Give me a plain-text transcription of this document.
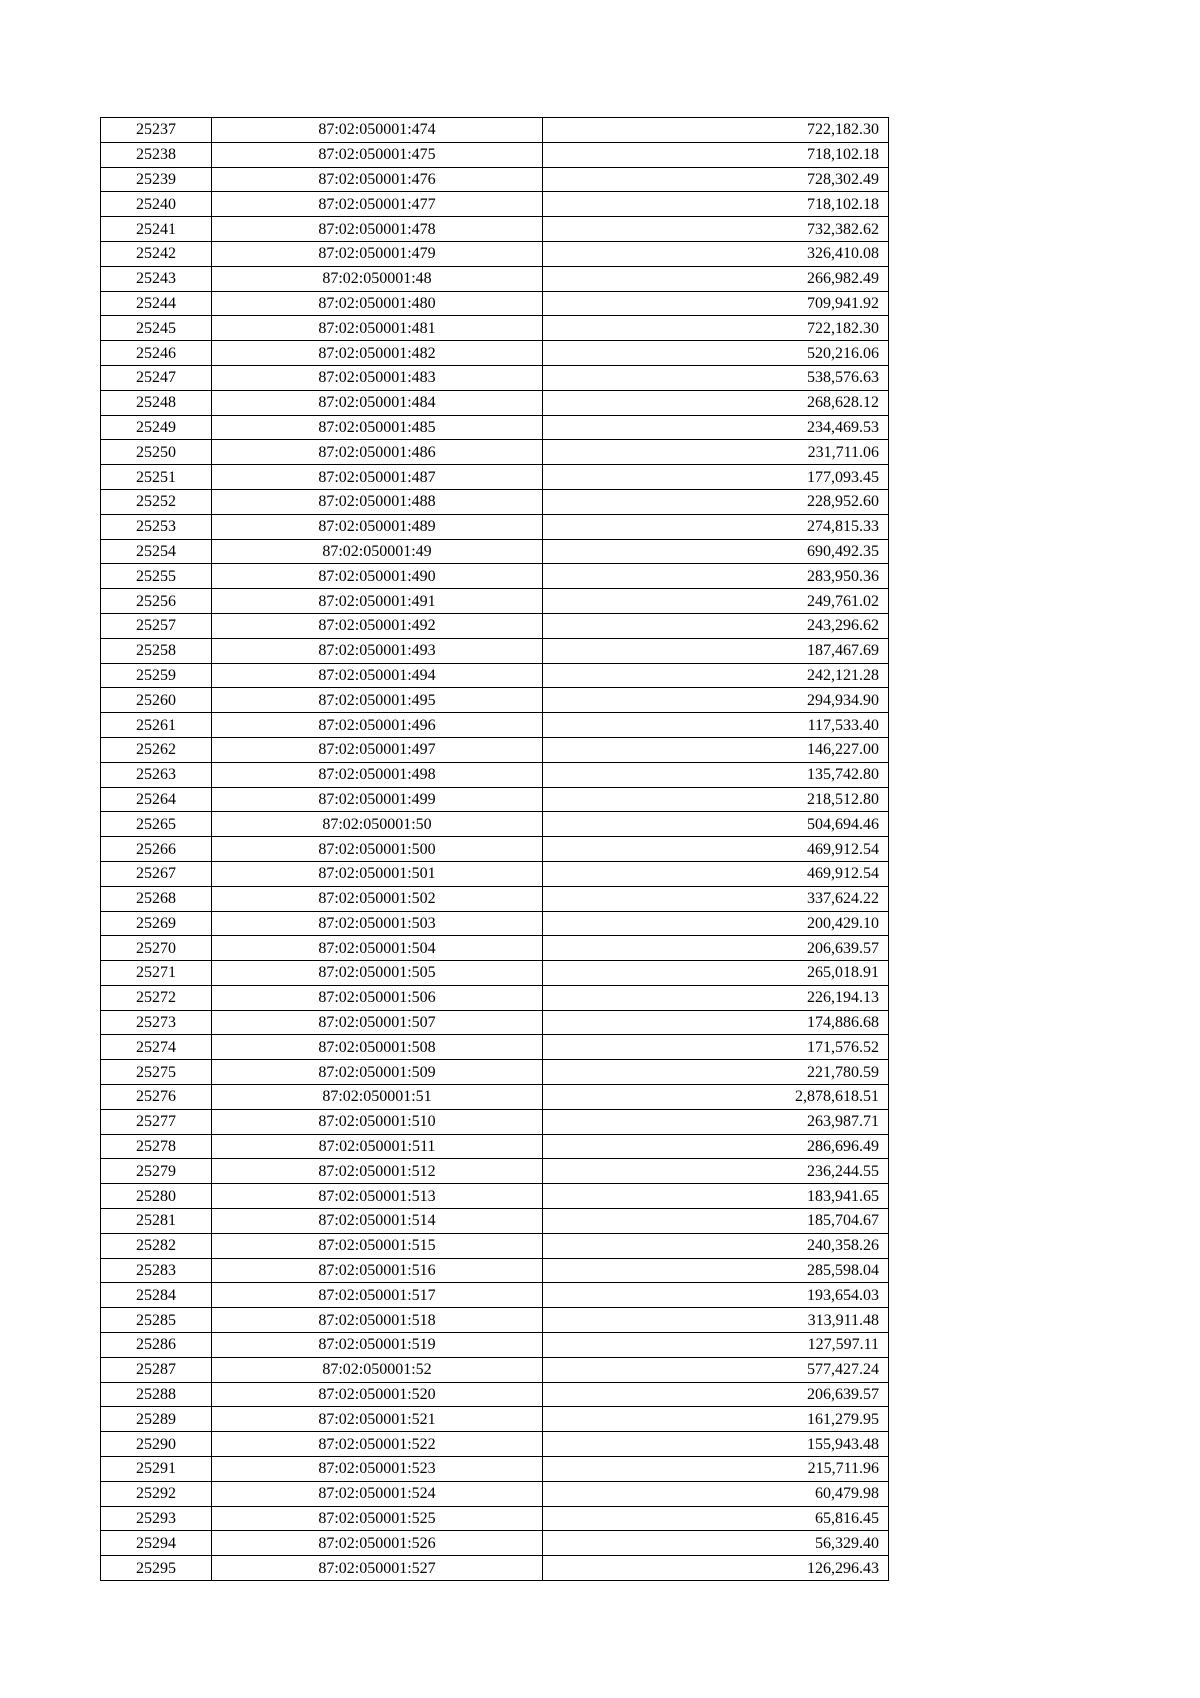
25237	87:02:050001:474	722,182.30
25238	87:02:050001:475	718,102.18
25239	87:02:050001:476	728,302.49
25240	87:02:050001:477	718,102.18
25241	87:02:050001:478	732,382.62
25242	87:02:050001:479	326,410.08
25243	87:02:050001:48	266,982.49
25244	87:02:050001:480	709,941.92
25245	87:02:050001:481	722,182.30
25246	87:02:050001:482	520,216.06
25247	87:02:050001:483	538,576.63
25248	87:02:050001:484	268,628.12
25249	87:02:050001:485	234,469.53
25250	87:02:050001:486	231,711.06
25251	87:02:050001:487	177,093.45
25252	87:02:050001:488	228,952.60
25253	87:02:050001:489	274,815.33
25254	87:02:050001:49	690,492.35
25255	87:02:050001:490	283,950.36
25256	87:02:050001:491	249,761.02
25257	87:02:050001:492	243,296.62
25258	87:02:050001:493	187,467.69
25259	87:02:050001:494	242,121.28
25260	87:02:050001:495	294,934.90
25261	87:02:050001:496	117,533.40
25262	87:02:050001:497	146,227.00
25263	87:02:050001:498	135,742.80
25264	87:02:050001:499	218,512.80
25265	87:02:050001:50	504,694.46
25266	87:02:050001:500	469,912.54
25267	87:02:050001:501	469,912.54
25268	87:02:050001:502	337,624.22
25269	87:02:050001:503	200,429.10
25270	87:02:050001:504	206,639.57
25271	87:02:050001:505	265,018.91
25272	87:02:050001:506	226,194.13
25273	87:02:050001:507	174,886.68
25274	87:02:050001:508	171,576.52
25275	87:02:050001:509	221,780.59
25276	87:02:050001:51	2,878,618.51
25277	87:02:050001:510	263,987.71
25278	87:02:050001:511	286,696.49
25279	87:02:050001:512	236,244.55
25280	87:02:050001:513	183,941.65
25281	87:02:050001:514	185,704.67
25282	87:02:050001:515	240,358.26
25283	87:02:050001:516	285,598.04
25284	87:02:050001:517	193,654.03
25285	87:02:050001:518	313,911.48
25286	87:02:050001:519	127,597.11
25287	87:02:050001:52	577,427.24
25288	87:02:050001:520	206,639.57
25289	87:02:050001:521	161,279.95
25290	87:02:050001:522	155,943.48
25291	87:02:050001:523	215,711.96
25292	87:02:050001:524	60,479.98
25293	87:02:050001:525	65,816.45
25294	87:02:050001:526	56,329.40
25295	87:02:050001:527	126,296.43
